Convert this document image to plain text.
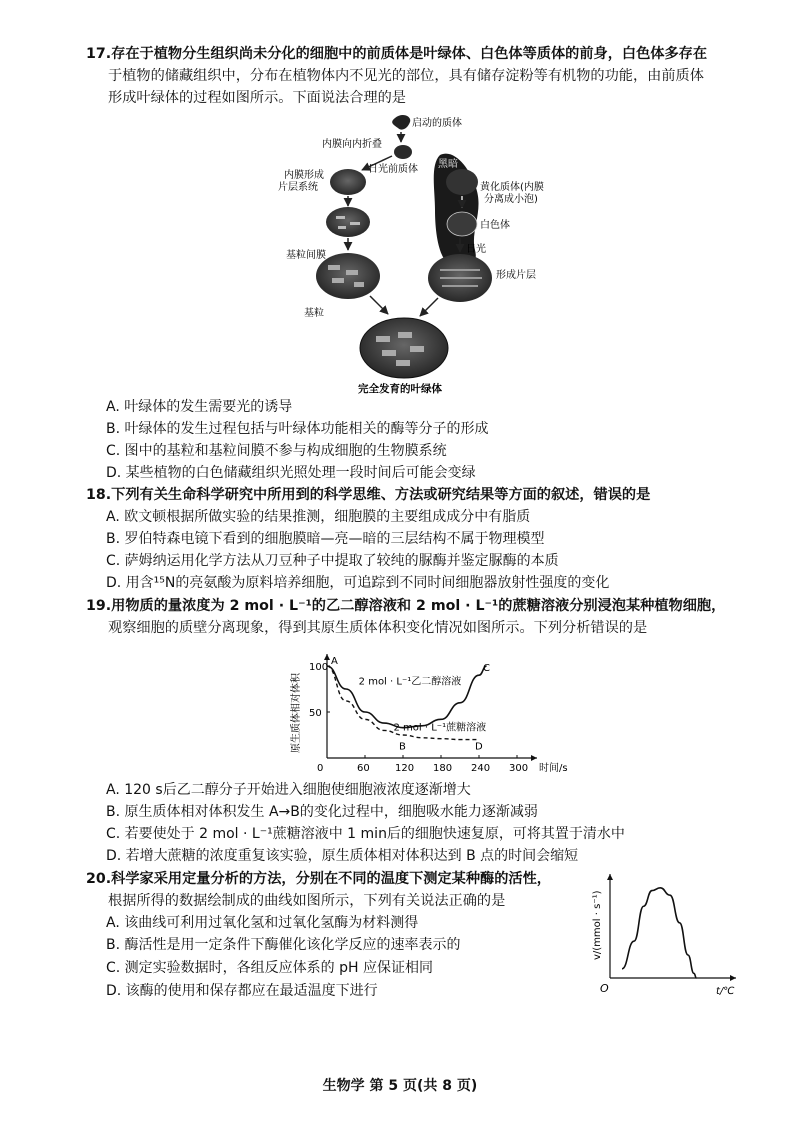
17.存在于植物分生组织尚未分化的细胞中的前质体是叶绿体、白色体等质体的前身，白色体多存在
于植物的储藏组织中，分布在植物体内不见光的部位，具有储存淀粉等有机物的功能，由前质体
形成叶绿体的过程如图所示。下面说法合理的是
启动的质体
内膜向内折叠
日光 前质体 黑暗
内膜形成
片层系统	黄化质体(内膜
分离成小泡)
白色体
基粒间膜
日光
形成片层
基粒
完全发育的叶绿体
A. 叶绿体的发生需要光的诱导
B. 叶绿体的发生过程包括与叶绿体功能相关的酶等分子的形成
C. 图中的基粒和基粒间膜不参与构成细胞的生物膜系统
D. 某些植物的白色储藏组织光照处理一段时间后可能会变绿
18.下列有关生命科学研究中所用到的科学思维、方法或研究结果等方面的叙述，错误的是
A. 欧文顿根据所做实验的结果推测，细胞膜的主要组成成分中有脂质
B. 罗伯特森电镜下看到的细胞膜暗—亮—暗的三层结构不属于物理模型
C. 萨姆纳运用化学方法从刀豆种子中提取了较纯的脲酶并鉴定脲酶的本质
D. 用含¹⁵N的亮氨酸为原料培养细胞，可追踪到不同时间细胞器放射性强度的变化
19.用物质的量浓度为 2 mol · L⁻¹的乙二醇溶液和 2 mol · L⁻¹的蔗糖溶液分别浸泡某种植物细胞，
观察细胞的质壁分离现象，得到其原生质体体积变化情况如图所示。下列分析错误的是
原生质体相对体积
0	60	120 180 240 300
50
100
A
C
B	D
2 mol · L⁻¹乙二醇溶液
2 mol · L⁻¹蔗糖溶液
时间/s
A. 120 s后乙二醇分子开始进入细胞使细胞液浓度逐渐增大
B. 原生质体相对体积发生 A→B的变化过程中，细胞吸水能力逐渐减弱
C. 若要使处于 2 mol · L⁻¹蔗糖溶液中 1 min后的细胞快速复原，可将其置于清水中
D. 若增大蔗糖的浓度重复该实验，原生质体相对体积达到 B 点的时间会缩短
20.科学家采用定量分析的方法，分别在不同的温度下测定某种酶的活性，
根据所得的数据绘制成的曲线如图所示，下列有关说法正确的是
A. 该曲线可利用过氧化氢和过氧化氢酶为材料测得
B. 酶活性是用一定条件下酶催化该化学反应的速率表示的
C. 测定实验数据时，各组反应体系的 pH 应保证相同
D. 该酶的使用和保存都应在最适温度下进行
v/(mmol · s⁻¹)
O	t/℃
生物学 第 5 页(共 8 页)
